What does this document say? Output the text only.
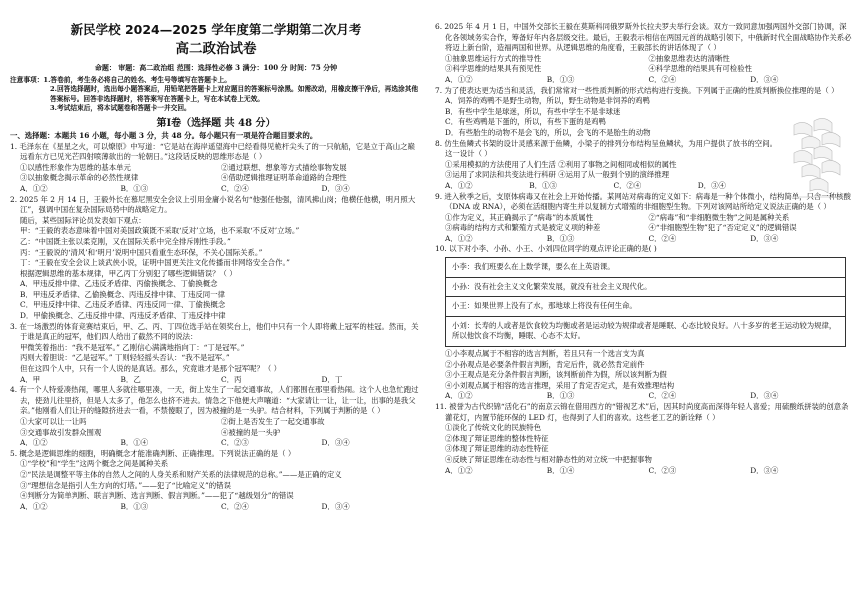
新民学校 2024—2025 学年度第二学期第二次月考
高二政治试卷
命题： 审题：高二政治组 范围：选择性必修 3 满分：100 分 时间：75 分钟
注意事项：1.答卷前，考生务必将自己的姓名、考生号等填写在答题卡上。
2.回答选择题时，选出每小题答案后，用铅笔把答题卡上对应题目的答案标号涂黑。如需改动，用橡皮擦干净后，再选涂其他答案标号。回答非选择题时，将答案写在答题卡上，写在本试卷上无效。
3.考试结束后，将本试题卷和答题卡一并交回。
第Ⅰ卷（选择题 共 48 分）
一、选择题：本题共 16 小题，每小题 3 分，共 48 分。每小题只有一项是符合题目要求的。
1. 毛泽东在《星星之火，可以燎原》中写道：“它是站在海岸遥望海中已经看得见桅杆尖头了的一只航船，它是立于高山之巅远看东方已见光芒四射喷薄欲出的一轮朝日。”这段话反映的思维形态是（ ）
①以感性形象作为思维的基本单元	②通过联想、想象等方式描绘事物发展
③以抽象概念揭示革命的必然性规律	④借助逻辑推理证明革命道路的合理性
A．①②	B．①③	C．②④	D．③④
2. 2025 年 2 月 14 日，王毅外长在慕尼黑安全会议上引用金庸小说名句“他强任他强，清风拂山岗；他横任他横，明月照大江”，强调中国在复杂国际局势中的战略定力。
随后，某些国际评论员发表如下观点：
甲：“王毅的表态意味着中国对美国政策既不采取‘反对’立场，也不采取‘不反对’立场。”
乙：“中国既主张以柔克刚，又在国际关系中完全排斥刚性手段。”
丙：“王毅说的‘清风’和‘明月’说明中国只看重生态环保，不关心国际关系。”
丁：“王毅在安全会议上谈武侠小说，证明中国更关注文化传播而非网络安全合作。”
根据逻辑思维的基本规律，甲乙丙丁分别犯了哪些逻辑错误？（ ）
A．甲违反排中律、乙违反矛盾律、丙偷换概念、丁偷换概念
B．甲违反矛盾律、乙偷换概念、丙违反排中律、丁违反同一律
C．甲违反排中律、乙违反矛盾律、丙违反同一律、丁偷换概念
D．甲偷换概念、乙违反排中律、丙违反矛盾律、丁违反排中律
3. 在一场激烈的体育竞赛结束后，甲、乙、丙、丁四位选手站在领奖台上，他们中只有一个人即将戴上冠军的桂冠。然而，关于谁是真正的冠军，他们四人给出了截然不同的说法：
甲微笑着指出：“我不是冠军。” 乙刚信心满满地指向丁：“丁是冠军。”
丙则大着胆说：“乙是冠军。” 丁则轻轻摇头否认：“我不是冠军。”
但在这四个人中，只有一个人说的是真话。那么，究竟谁才是那个冠军呢？（ ）
A．甲	B．乙	C．丙	D．丁
4. 有一个人特爱凑热闹，哪里人多就往哪里凑，一天，街上发生了一起交通事故，人们都围在那里看热闹。这个人也急忙跑过去，使劲儿往里挤，但是人太多了，他怎么也挤不进去。情急之下他便大声嚷道：“大家请让一让，让一让，出事的是我父亲。”他刚看人们让开的缝隙挤进去一看，不禁傻眼了，因为被撞的是一头驴。结合材料，下列属于判断的是（ ）
①大家可以让一让吗	②街上是否发生了一起交通事故
③交通事故引发群众围观	④被撞的是一头驴
A．①②	B．①④	C．②③	D．③④
5. 概念是逻辑思维的细胞，明确概念才能准确判断、正确推理。下列说法正确的是（ ）
①“学校”和“学生”这两个概念之间是属种关系
②“民法是调整平等主体的自然人之间的人身关系和财产关系的法律规范的总称。”——是正确的定义
③“理想信念是指引人生方向的灯塔。”——犯了“比喻定义”的错误
④判断分为简单判断、联言判断、选言判断、假言判断。”——犯了“越级划分”的错误
A．①②	B．①③	C．②④	D．③④
6. 2025 年 4 月 1 日，中国外交部长王毅在莫斯科同俄罗斯外长拉夫罗夫举行会谈。双方一致同意加强两国外交部门协调，深化各领域务实合作，筹备好年内各层级交往。最后，王毅表示相信在两国元首的战略引领下，中俄新时代全面战略协作关系必将迈上新台阶，造福两国和世界。从逻辑思维的角度看，王毅部长的讲话体现了（ ）
①抽象思维运行方式的推导性	②抽象思维表达的清晰性
③科学思维的结果具有预见性	④科学思维的结果具有可检验性
A．①②	B．①③	C．②④	D．③④
7. 为了使表达更为适当和灵活，我们常常对一些性质判断的形式结构进行变换。下列属于正确的性质判断换位推理的是（ ）
A．饲养的鸡鸭不是野生动物，所以，野生动物是非饲养的鸡鸭
B．有些中学生是球迷，所以，有些中学生不是非球迷
C．有些鸡鸭是下蛋的，所以，有些下蛋的是鸡鸭
D．有些胎生的动物不是会飞的，所以，会飞的不是胎生的动物
8. 仿生鱼鳞式书架的设计灵感来源于鱼鳞，小梁子的排列分布结构呈鱼鳞状，为用户提供了放书的空间。这一设计（ ）
①采用模拟的方法使用了人们生活 ②利用了事物之间相同或相似的属性
③运用了求同法和共变法进行科研 ④运用了从一般到个别的演绎推理
A．①②	B．①③	C．②④	D．③④
9. 进入秋季之后，支原体病毒又在社会上开始传播。某网站对病毒的定义如下：病毒是一种个体微小，结构简单，只含一种核酸（DNA 或 RNA），必须在活细胞内寄生并以复制方式增殖的非细胞型生物。下列对该网站所给定义说法正确的是（ ）
①作为定义，其正确揭示了“病毒”的本质属性	②“病毒”和“非细胞微生物”之间是属种关系
③病毒的结构方式和繁殖方式是被定义项的种差	④“非细胞型生物”犯了“否定定义”的逻辑错误
A．①②	B．①③	C．②④	D．③④
10. 以下对小李、小孙、小王、小刘四位同学的观点评论正确的是( )
小李：我们班要么在上数学课，要么在上英语课。
小孙：没有社会主义文化繁荣发展，就没有社会主义现代化。
小王：如果世界上没有了水，那地球上将没有任何生命。
小刘：长寿的人或者是饮食较为均衡或者是运动较为规律或者是睡眠、心态比较良好。八十多岁的老王运动较为规律，所以他饮食不均衡，睡眠、心态不太好。
①小李观点属于不相容的选言判断，若且只有一个选言支为真
②小孙观点是必要条件假言判断，肯定后件，就必然肯定前件
③小王观点是充分条件假言判断，该判断前件为假，所以该判断为假
④小刘观点属于相容的选言推理，采用了肯定否定式，是有效推理结构
A．①②	B．①③	C．②④	D．③④
11. 被誉为古代织锦“活化石”的南京云锦在借用西方的“错视艺术”后，因其时尚度高而深得年轻人喜爱；用硫酸纸拼装的创意条灌花灯，内置节能环保的 LED 灯，也得到了人们的喜欢。这些老工艺的新诠释（ ）
①淡化了传统文化的民族特色
②体现了辩证思维的整体性特征
③体现了辩证思维的动态性特征
④反映了辩证思维在动态性与相对静态性的对立统一中把握事物
A．①②	B．①④	C．②③	D．③④
